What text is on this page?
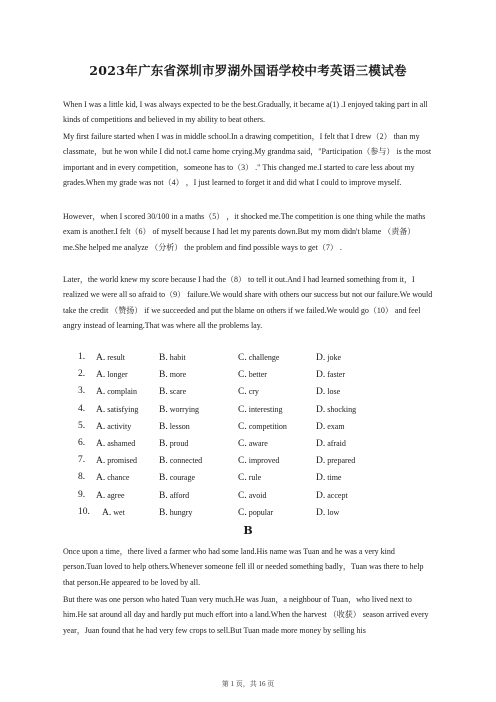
2023年广东省深圳市罗湖外国语学校中考英语三模试卷
When I was a little kid, I was always expected to be the best.Gradually, it became a(1) .I enjoyed taking part in all kinds of competitions and believed in my ability to beat others.
My first failure started when I was in middle school.In a drawing competition，I felt that I drew（2） than my classmate，but he won while I did not.I came home crying.My grandma said，"Participation（参与） is the most important and in every competition，someone has to（3） ." This changed me.I started to care less about my grades.When my grade was not（4） ，I just learned to forget it and did what I could to improve myself.
However，when I scored 30/100 in a maths（5） ，it shocked me.The competition is one thing while the maths exam is another.I felt（6） of myself because I had let my parents down.But my mom didn't blame （责备） me.She helped me analyze （分析） the problem and find possible ways to get（7） .
Later，the world knew my score because I had the（8） to tell it out.And I had learned something from it，I realized we were all so afraid to（9） failure.We would share with others our success but not our failure.We would take the credit （赞扬） if we succeeded and put the blame on others if we failed.We would go（10） and feel angry instead of learning.That was where all the problems lay.
1. A. result	B. habit	C. challenge	D. joke
2. A. longer	B. more	C. better	D. faster
3. A. complain B. scare	C. cry	D. lose
4. A. satisfying B. worrying	C. interesting	D. shocking
5. A. activity	B. lesson	C. competition	D. exam
6. A. ashamed	B. proud	C. aware	D. afraid
7. A. promised B. connected	C. improved	D. prepared
8. A. chance	B. courage	C. rule	D. time
9. A. agree	B. afford	C. avoid	D. accept
10. A. wet	B. hungry	C. popular	D. low
B
Once upon a time，there lived a farmer who had some land.His name was Tuan and he was a very kind person.Tuan loved to help others.Whenever someone fell ill or needed something badly，Tuan was there to help that person.He appeared to be loved by all.
But there was one person who hated Tuan very much.He was Juan，a neighbour of Tuan，who lived next to him.He sat around all day and hardly put much effort into a land.When the harvest （收获） season arrived every year，Juan found that he had very few crops to sell.But Tuan made more money by selling his
第 1 页，共 16 页
